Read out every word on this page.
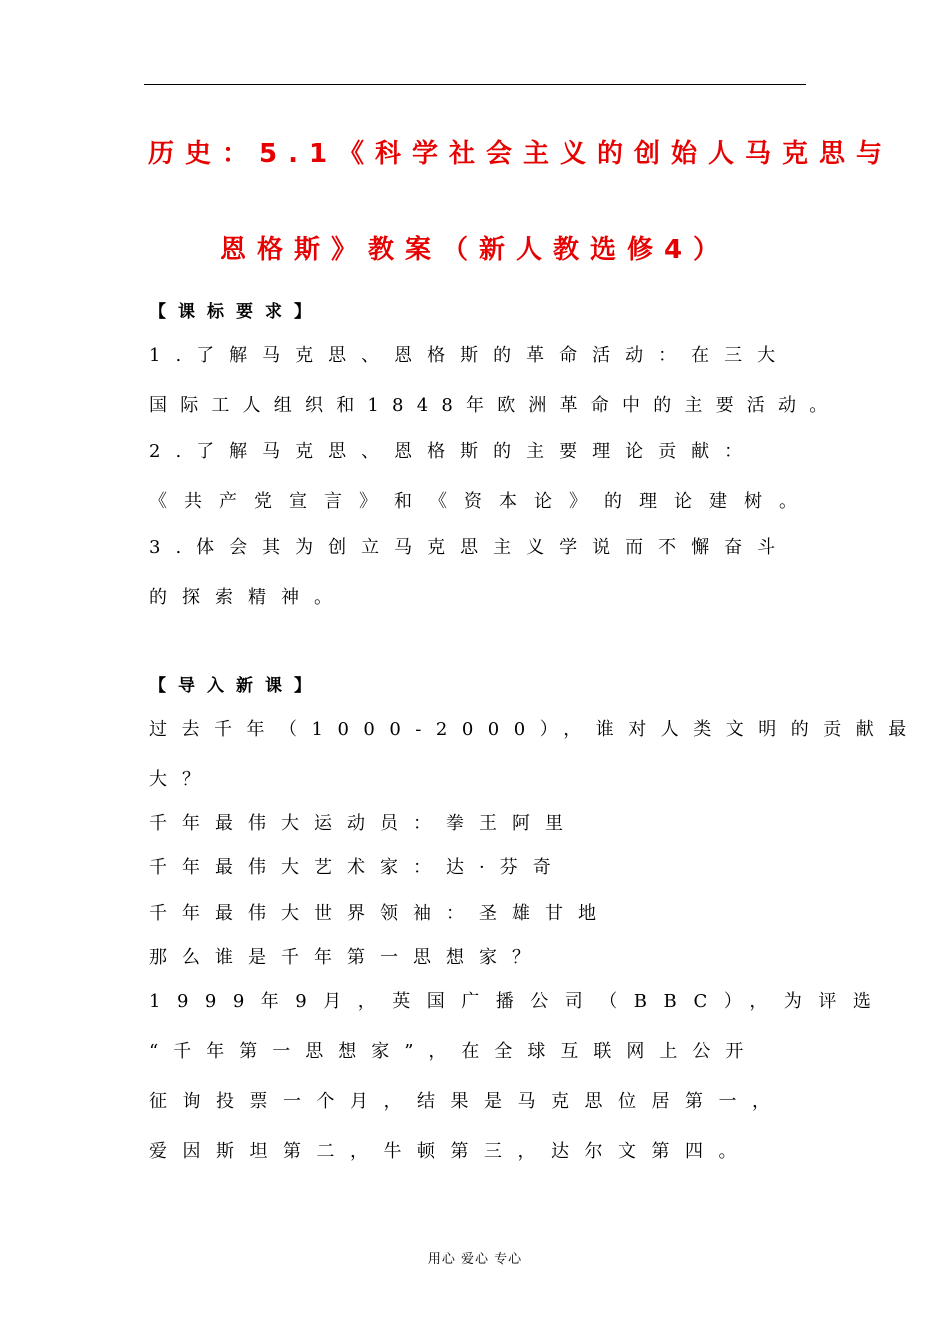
历史：5.1《科学社会主义的创始人马克思与
恩格斯》教案（新人教选修4）
【课标要求】
1.了解马克思、恩格斯的革命活动：在三大
国际工人组织和1848年欧洲革命中的主要活动。
2.了解马克思、恩格斯的主要理论贡献：
《共产党宣言》和《资本论》的理论建树。
3.体会其为创立马克思主义学说而不懈奋斗
的探索精神。
【导入新课】
过去千年（1000-2000），谁对人类文明的贡献最
大？
千年最伟大运动员：拳王阿里
千年最伟大艺术家：达·芬奇
千年最伟大世界领袖：圣雄甘地
那么谁是千年第一思想家？
1999年9月，英国广播公司（BBC），为评选
“千年第一思想家”，在全球互联网上公开
征询投票一个月，结果是马克思位居第一，
爱因斯坦第二，牛顿第三，达尔文第四。
用心 爱心 专心
